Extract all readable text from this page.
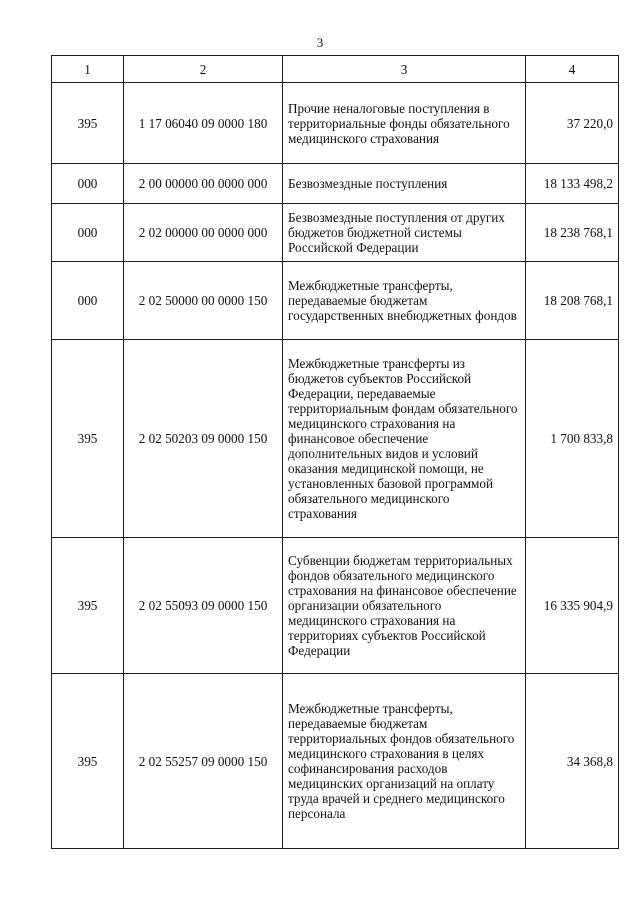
3
1	2	3	4
395	1 17 06040 09 0000 180	Прочие неналоговые поступления в территориальные фонды обязательного медицинского страхования	37 220,0
000	2 00 00000 00 0000 000	Безвозмездные поступления	18 133 498,2
000	2 02 00000 00 0000 000	Безвозмездные поступления от других бюджетов бюджетной системы Российской Федерации	18 238 768,1
000	2 02 50000 00 0000 150	Межбюджетные трансферты, передаваемые бюджетам государственных внебюджетных фондов	18 208 768,1
395	2 02 50203 09 0000 150	Межбюджетные трансферты из бюджетов субъектов Российской Федерации, передаваемые территориальным фондам обязательного медицинского страхования на финансовое обеспечение дополнительных видов и условий оказания медицинской помощи, не установленных базовой программой обязательного медицинского страхования	1 700 833,8
395	2 02 55093 09 0000 150	Субвенции бюджетам территориальных фондов обязательного медицинского страхования на финансовое обеспечение организации обязательного медицинского страхования на территориях субъектов Российской Федерации	16 335 904,9
395	2 02 55257 09 0000 150	Межбюджетные трансферты, передаваемые бюджетам территориальных фондов обязательного медицинского страхования в целях софинансирования расходов медицинских организаций на оплату труда врачей и среднего медицинского персонала	34 368,8
